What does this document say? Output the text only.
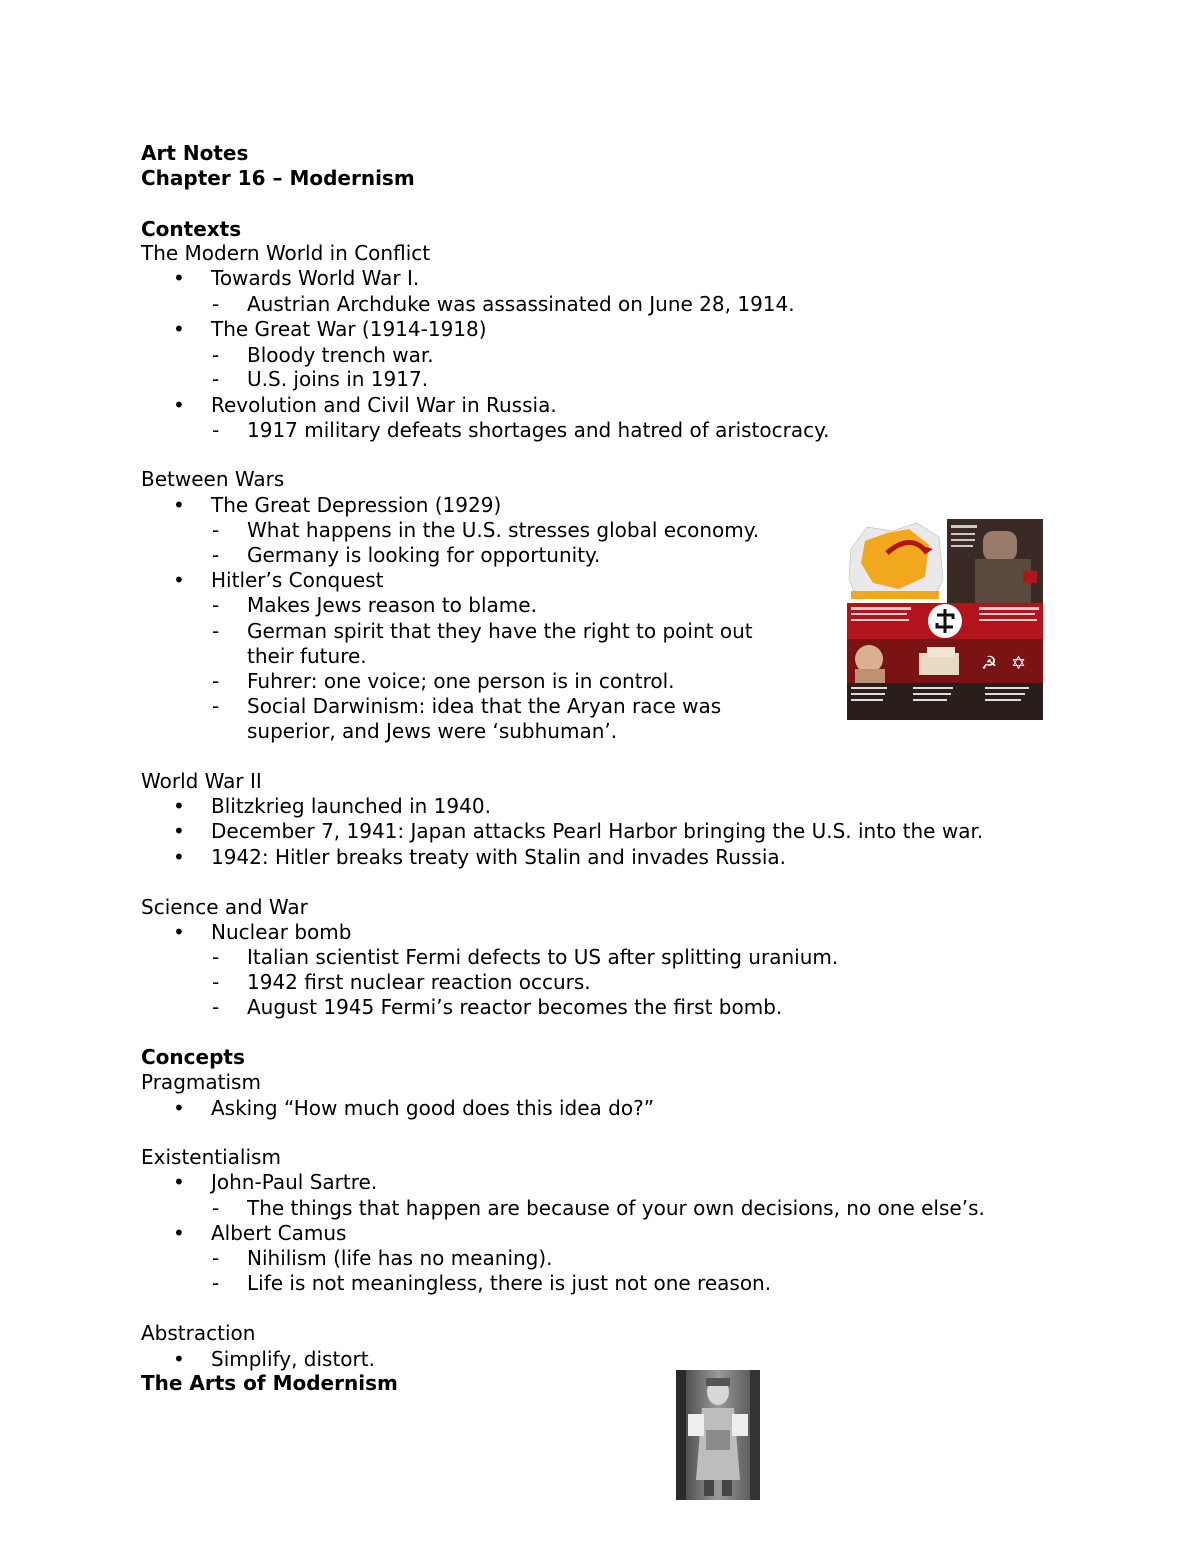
Art Notes
Chapter 16 – Modernism
Contexts
The Modern World in Conflict
• Towards World War I.
- Austrian Archduke was assassinated on June 28, 1914.
• The Great War (1914-1918)
- Bloody trench war.
- U.S. joins in 1917.
• Revolution and Civil War in Russia.
- 1917 military defeats shortages and hatred of aristocracy.
Between Wars
• The Great Depression (1929)
- What happens in the U.S. stresses global economy.
- Germany is looking for opportunity.
• Hitler’s Conquest
- Makes Jews reason to blame.
- German spirit that they have the right to point out
their future.
- Fuhrer: one voice; one person is in control.
- Social Darwinism: idea that the Aryan race was
superior, and Jews were ‘subhuman’.
☭ ✡
World War II
• Blitzkrieg launched in 1940.
• December 7, 1941: Japan attacks Pearl Harbor bringing the U.S. into the war.
• 1942: Hitler breaks treaty with Stalin and invades Russia.
Science and War
• Nuclear bomb
- Italian scientist Fermi defects to US after splitting uranium.
- 1942 first nuclear reaction occurs.
- August 1945 Fermi’s reactor becomes the first bomb.
Concepts
Pragmatism
• Asking “How much good does this idea do?”
Existentialism
• John-Paul Sartre.
- The things that happen are because of your own decisions, no one else’s.
• Albert Camus
- Nihilism (life has no meaning).
- Life is not meaningless, there is just not one reason.
Abstraction
• Simplify, distort.
The Arts of Modernism
